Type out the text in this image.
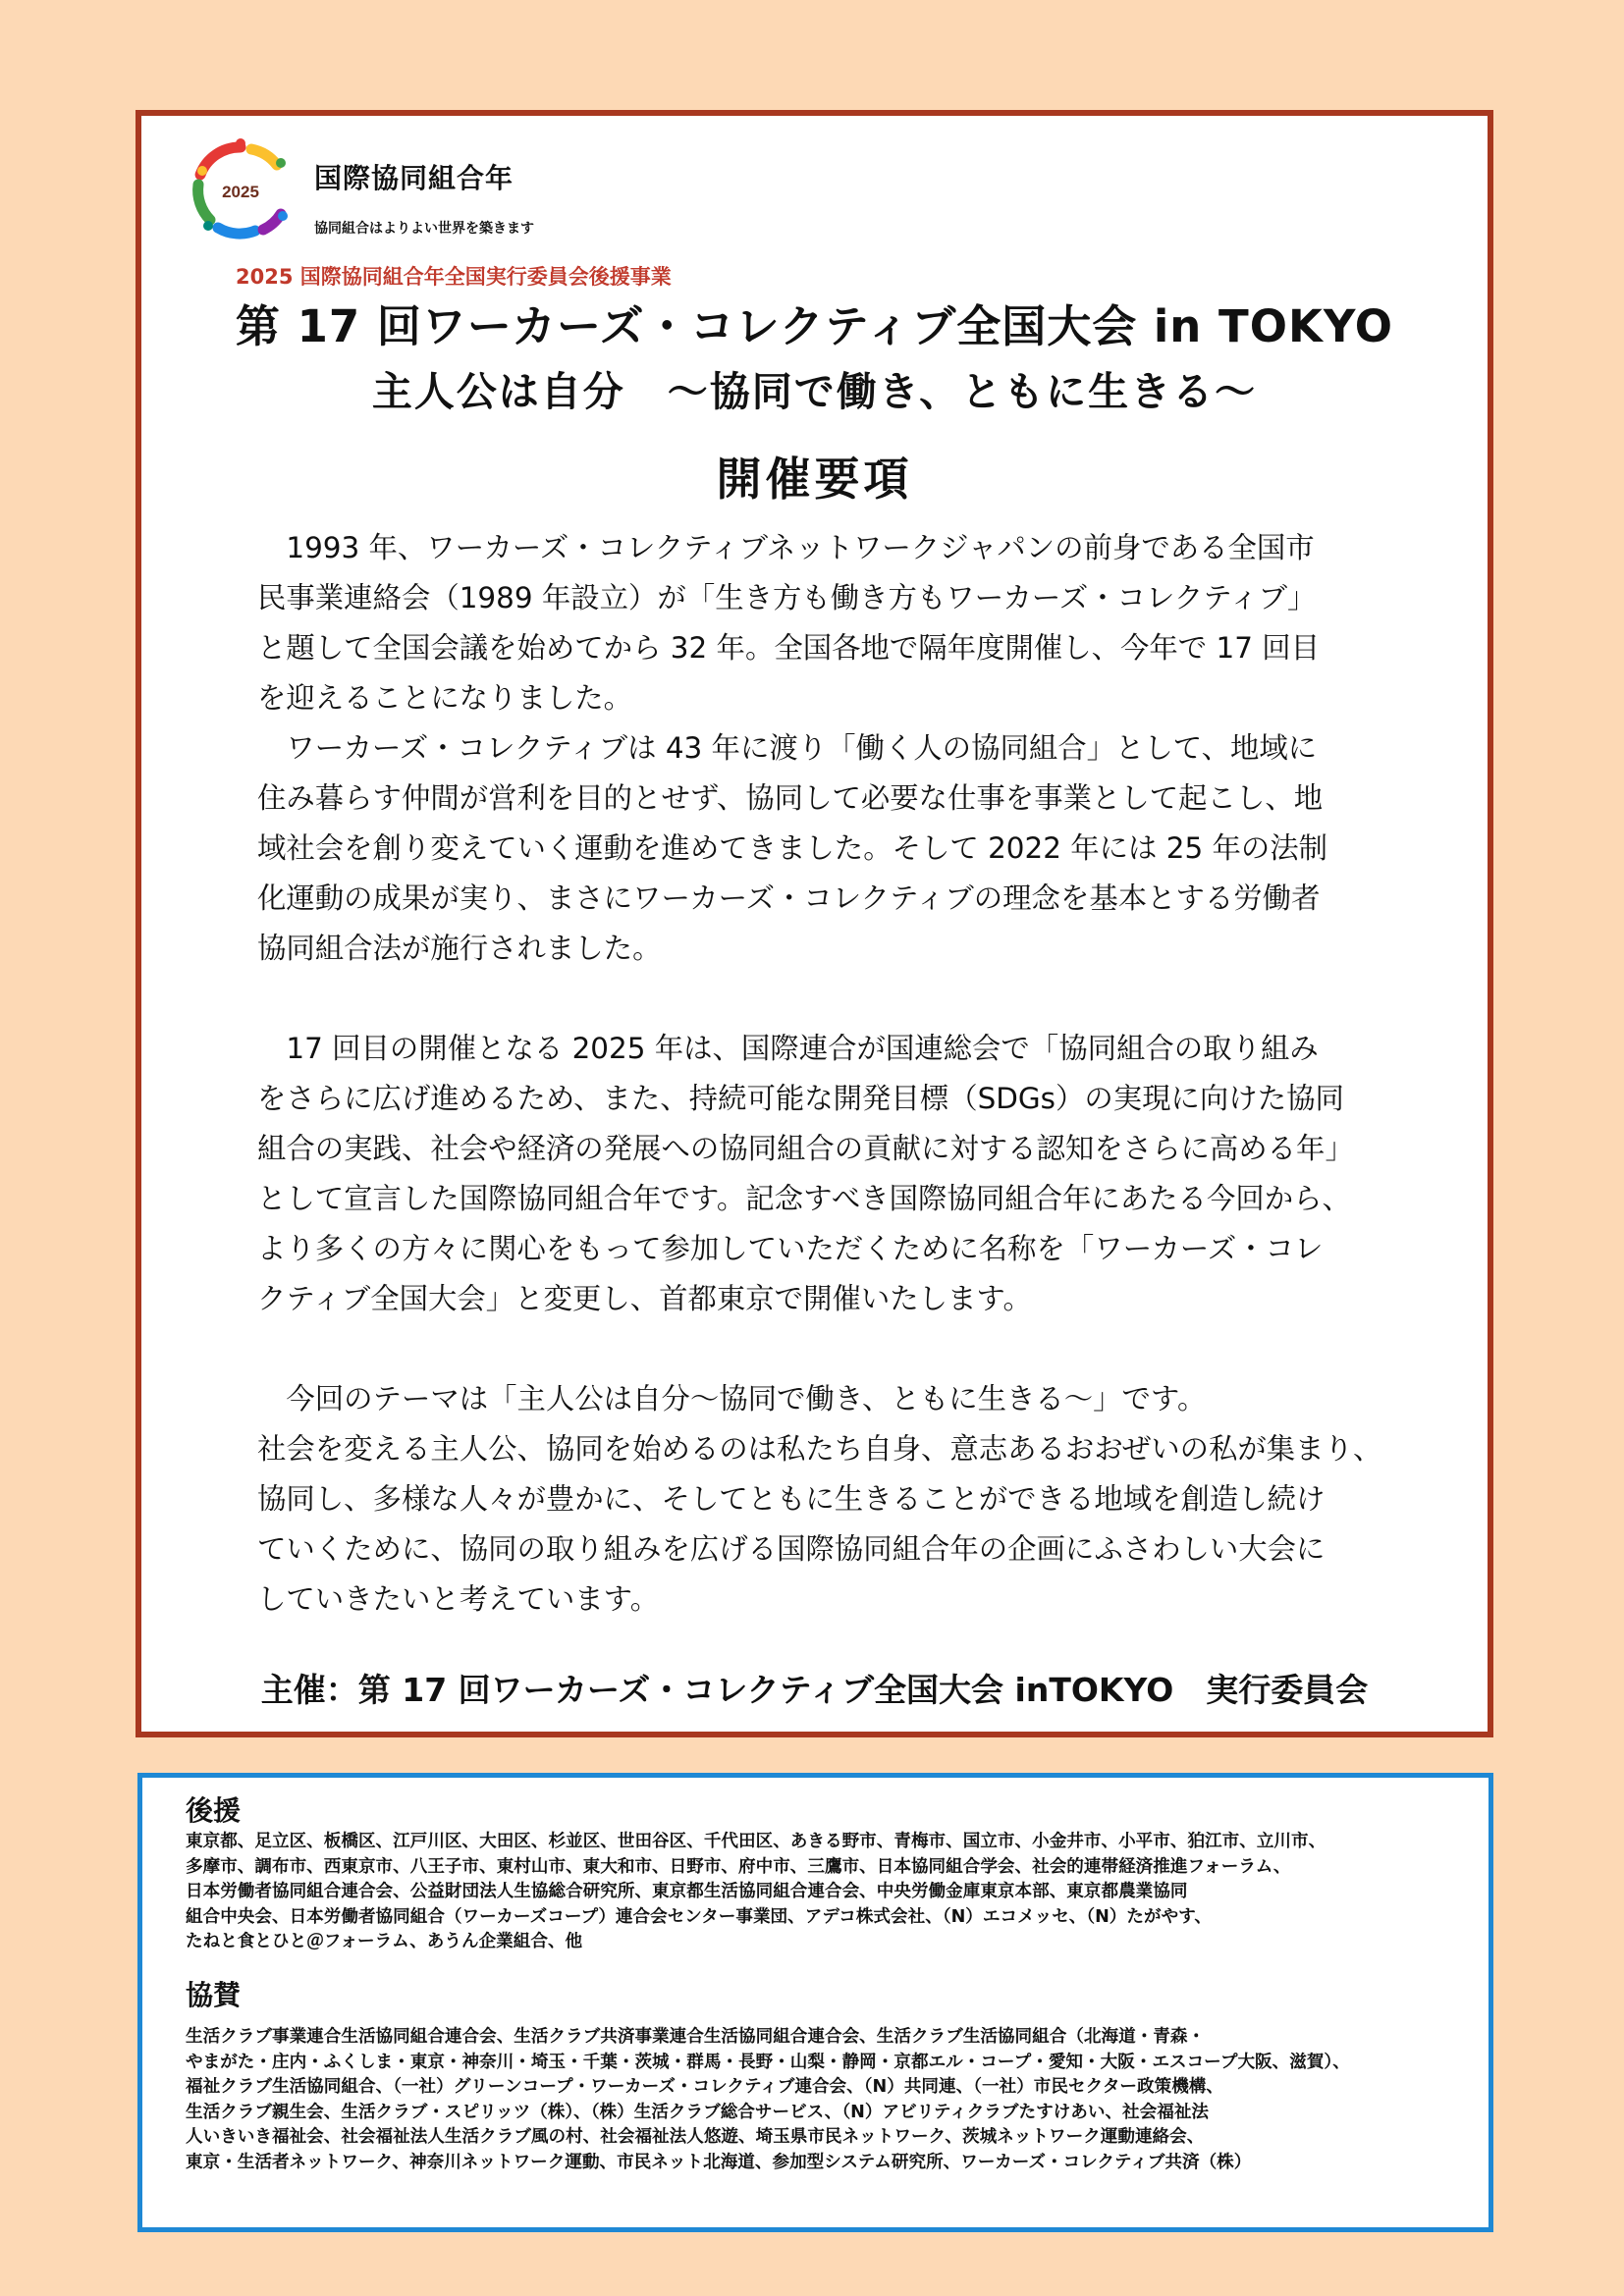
2025 国際協同組合年
協同組合はよりよい世界を築きます
2025 国際協同組合年全国実行委員会後援事業
第 17 回ワーカーズ・コレクティブ全国大会 in TOKYO
主人公は自分　～協同で働き、ともに生きる～
開催要項
　1993 年、ワーカーズ・コレクティブネットワークジャパンの前身である全国市
民事業連絡会（1989 年設立）が「生き方も働き方もワーカーズ・コレクティブ」
と題して全国会議を始めてから 32 年。全国各地で隔年度開催し、今年で 17 回目
を迎えることになりました。
　ワーカーズ・コレクティブは 43 年に渡り「働く人の協同組合」として、地域に
住み暮らす仲間が営利を目的とせず、協同して必要な仕事を事業として起こし、地
域社会を創り変えていく運動を進めてきました。そして 2022 年には 25 年の法制
化運動の成果が実り、まさにワーカーズ・コレクティブの理念を基本とする労働者
協同組合法が施行されました。
　17 回目の開催となる 2025 年は、国際連合が国連総会で「協同組合の取り組み
をさらに広げ進めるため、また、持続可能な開発目標（SDGs）の実現に向けた協同
組合の実践、社会や経済の発展への協同組合の貢献に対する認知をさらに高める年」
として宣言した国際協同組合年です。記念すべき国際協同組合年にあたる今回から、
より多くの方々に関心をもって参加していただくために名称を「ワーカーズ・コレ
クティブ全国大会」と変更し、首都東京で開催いたします。
　今回のテーマは「主人公は自分～協同で働き、ともに生きる～」です。
社会を変える主人公、協同を始めるのは私たち自身、意志あるおおぜいの私が集まり、
協同し、多様な人々が豊かに、そしてともに生きることができる地域を創造し続け
ていくために、協同の取り組みを広げる国際協同組合年の企画にふさわしい大会に
していきたいと考えています。
主催：第 17 回ワーカーズ・コレクティブ全国大会 inTOKYO　実行委員会
後援
東京都、足立区、板橋区、江戸川区、大田区、杉並区、世田谷区、千代田区、あきる野市、青梅市、国立市、小金井市、小平市、狛江市、立川市、
多摩市、調布市、西東京市、八王子市、東村山市、東大和市、日野市、府中市、三鷹市、日本協同組合学会、社会的連帯経済推進フォーラム、
日本労働者協同組合連合会、公益財団法人生協総合研究所、東京都生活協同組合連合会、中央労働金庫東京本部、東京都農業協同
組合中央会、日本労働者協同組合（ワーカーズコープ）連合会センター事業団、アデコ株式会社、（N）エコメッセ、（N）たがやす、
たねと食とひと＠フォーラム、あうん企業組合、他
協賛
生活クラブ事業連合生活協同組合連合会、生活クラブ共済事業連合生活協同組合連合会、生活クラブ生活協同組合（北海道・青森・
やまがた・庄内・ふくしま・東京・神奈川・埼玉・千葉・茨城・群馬・長野・山梨・静岡・京都エル・コープ・愛知・大阪・エスコープ大阪、滋賀）、
福祉クラブ生活協同組合、（一社）グリーンコープ・ワーカーズ・コレクティブ連合会、（N）共同連、（一社）市民セクター政策機構、
生活クラブ親生会、生活クラブ・スピリッツ（株）、（株）生活クラブ総合サービス、（N）アビリティクラブたすけあい、社会福祉法
人いきいき福祉会、社会福祉法人生活クラブ風の村、社会福祉法人悠遊、埼玉県市民ネットワーク、茨城ネットワーク運動連絡会、
東京・生活者ネットワーク、神奈川ネットワーク運動、市民ネット北海道、参加型システム研究所、ワーカーズ・コレクティブ共済（株）
